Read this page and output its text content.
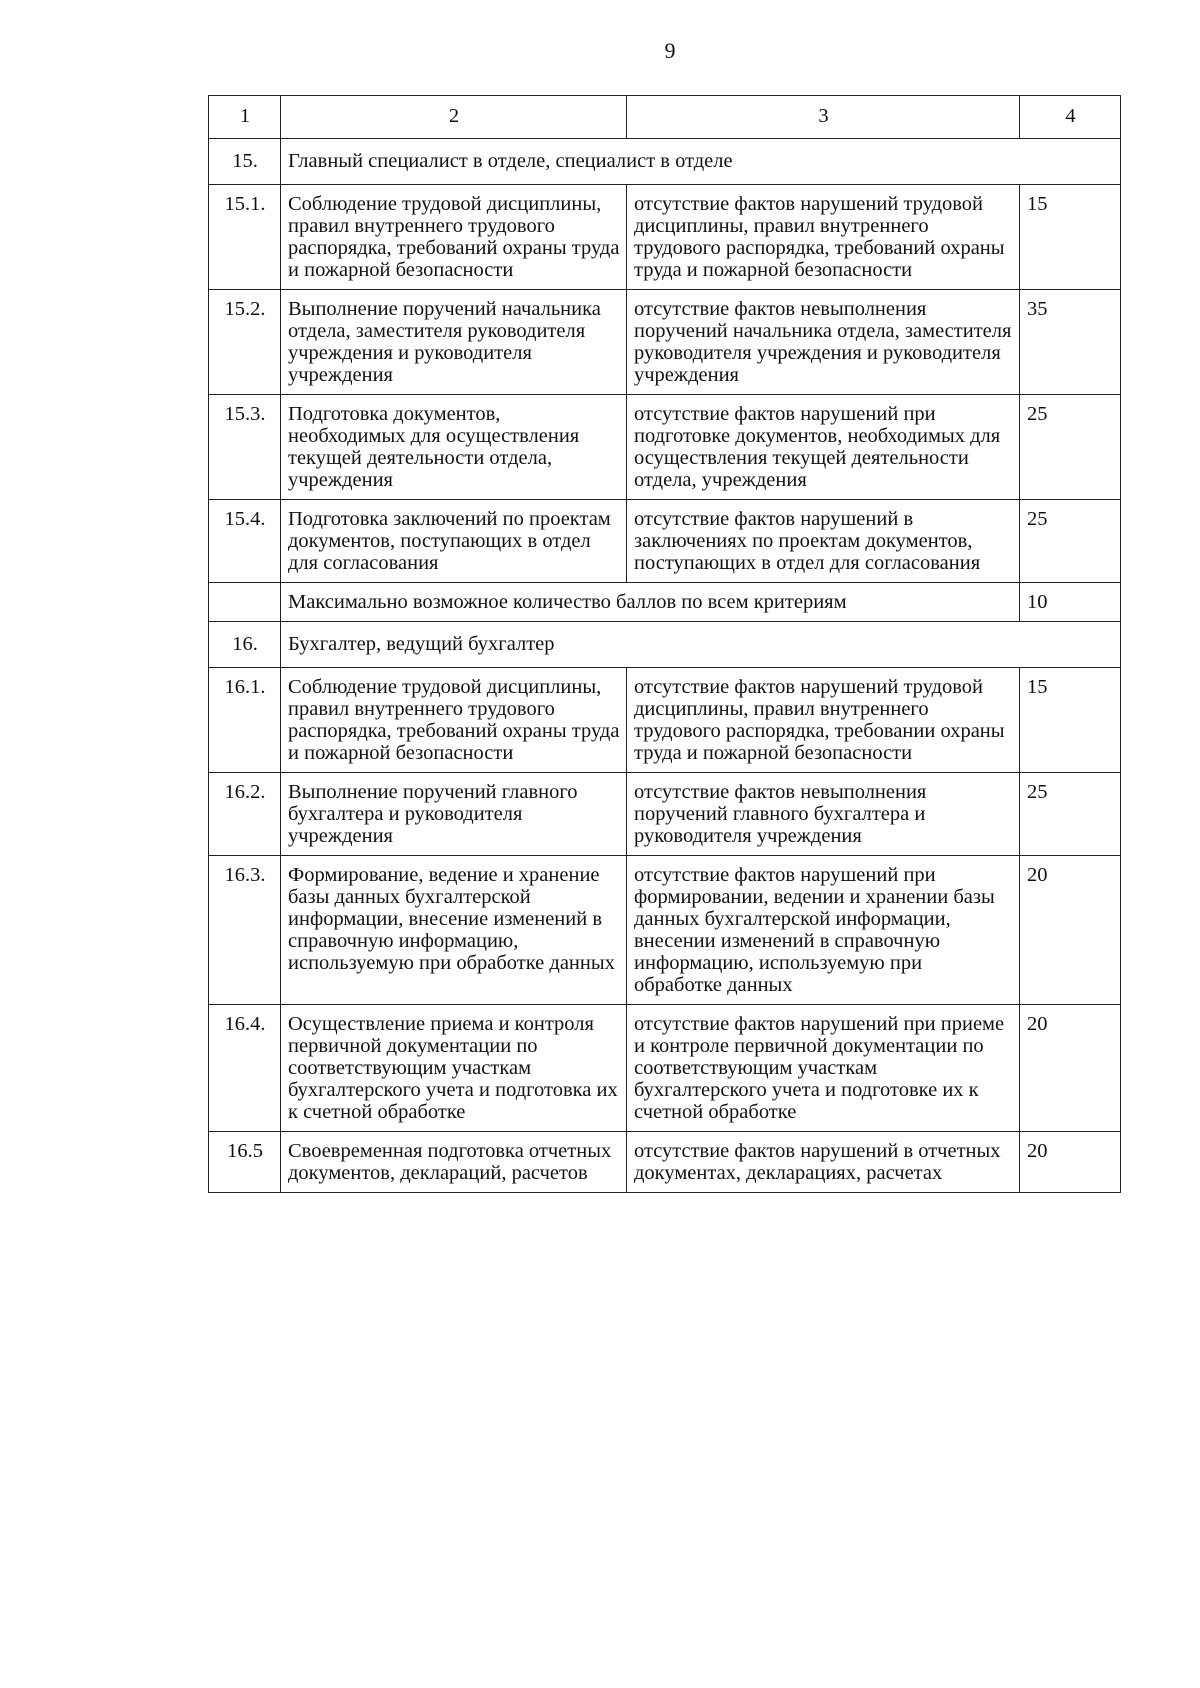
9
1	2	3	4
15.	Главный специалист в отделе, специалист в отделе		
15.1.	Соблюдение трудовой дисциплины, правил внутреннего трудового распорядка, требований охраны труда и пожарной безопасности	отсутствие фактов нарушений трудовой дисциплины, правил внутреннего трудового распорядка, требований охраны труда и пожарной безопасности	15
15.2.	Выполнение поручений начальника отдела, заместителя руководителя учреждения и руководителя учреждения	отсутствие фактов невыполнения поручений начальника отдела, заместителя руководителя учреждения и руководителя учреждения	35
15.3.	Подготовка документов, необходимых для осуществления текущей деятельности отдела, учреждения	отсутствие фактов нарушений при подготовке документов, необходимых для осуществления текущей деятельности отдела, учреждения	25
15.4.	Подготовка заключений по проектам документов, поступающих в отдел для согласования	отсутствие фактов нарушений в заключениях по проектам документов, поступающих в отдел для согласования	25
	Максимально возможное количество баллов по всем критериям		10
16.	Бухгалтер, ведущий бухгалтер		
16.1.	Соблюдение трудовой дисциплины, правил внутреннего трудового распорядка, требований охраны труда и пожарной безопасности	отсутствие фактов нарушений трудовой дисциплины, правил внутреннего трудового распорядка, требовании охраны труда и пожарной безопасности	15
16.2.	Выполнение поручений главного бухгалтера и руководителя учреждения	отсутствие фактов невыполнения поручений главного бухгалтера и руководителя учреждения	25
16.3.	Формирование, ведение и хранение базы данных бухгалтерской информации, внесение изменений в справочную информацию, используемую при обработке данных	отсутствие фактов нарушений при формировании, ведении и хранении базы данных бухгалтерской информации, внесении изменений в справочную информацию, используемую при обработке данных	20
16.4.	Осуществление приема и контроля первичной документации по соответствующим участкам бухгалтерского учета и подготовка их к счетной обработке	отсутствие фактов нарушений при приеме и контроле первичной документации по соответствующим участкам бухгалтерского учета и подготовке их к счетной обработке	20
16.5	Своевременная подготовка отчетных документов, деклараций, расчетов	отсутствие фактов нарушений в отчетных документах, декларациях, расчетах	20
